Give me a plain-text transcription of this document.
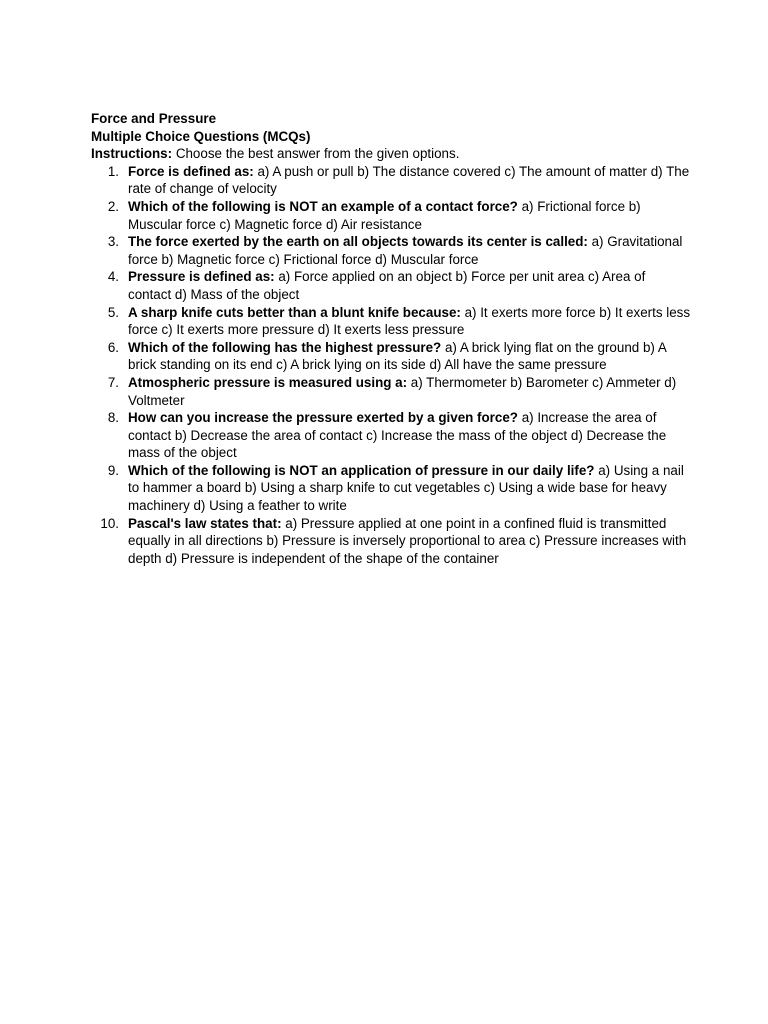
Force and Pressure
Multiple Choice Questions (MCQs)
Instructions: Choose the best answer from the given options.
1. Force is defined as: a) A push or pull b) The distance covered c) The amount of matter d) The rate of change of velocity
2. Which of the following is NOT an example of a contact force? a) Frictional force b) Muscular force c) Magnetic force d) Air resistance
3. The force exerted by the earth on all objects towards its center is called: a) Gravitational force b) Magnetic force c) Frictional force d) Muscular force
4. Pressure is defined as: a) Force applied on an object b) Force per unit area c) Area of contact d) Mass of the object
5. A sharp knife cuts better than a blunt knife because: a) It exerts more force b) It exerts less force c) It exerts more pressure d) It exerts less pressure
6. Which of the following has the highest pressure? a) A brick lying flat on the ground b) A brick standing on its end c) A brick lying on its side d) All have the same pressure
7. Atmospheric pressure is measured using a: a) Thermometer b) Barometer c) Ammeter d) Voltmeter
8. How can you increase the pressure exerted by a given force? a) Increase the area of contact b) Decrease the area of contact c) Increase the mass of the object d) Decrease the mass of the object
9. Which of the following is NOT an application of pressure in our daily life? a) Using a nail to hammer a board b) Using a sharp knife to cut vegetables c) Using a wide base for heavy machinery d) Using a feather to write
10. Pascal's law states that: a) Pressure applied at one point in a confined fluid is transmitted equally in all directions b) Pressure is inversely proportional to area c) Pressure increases with depth d) Pressure is independent of the shape of the container
